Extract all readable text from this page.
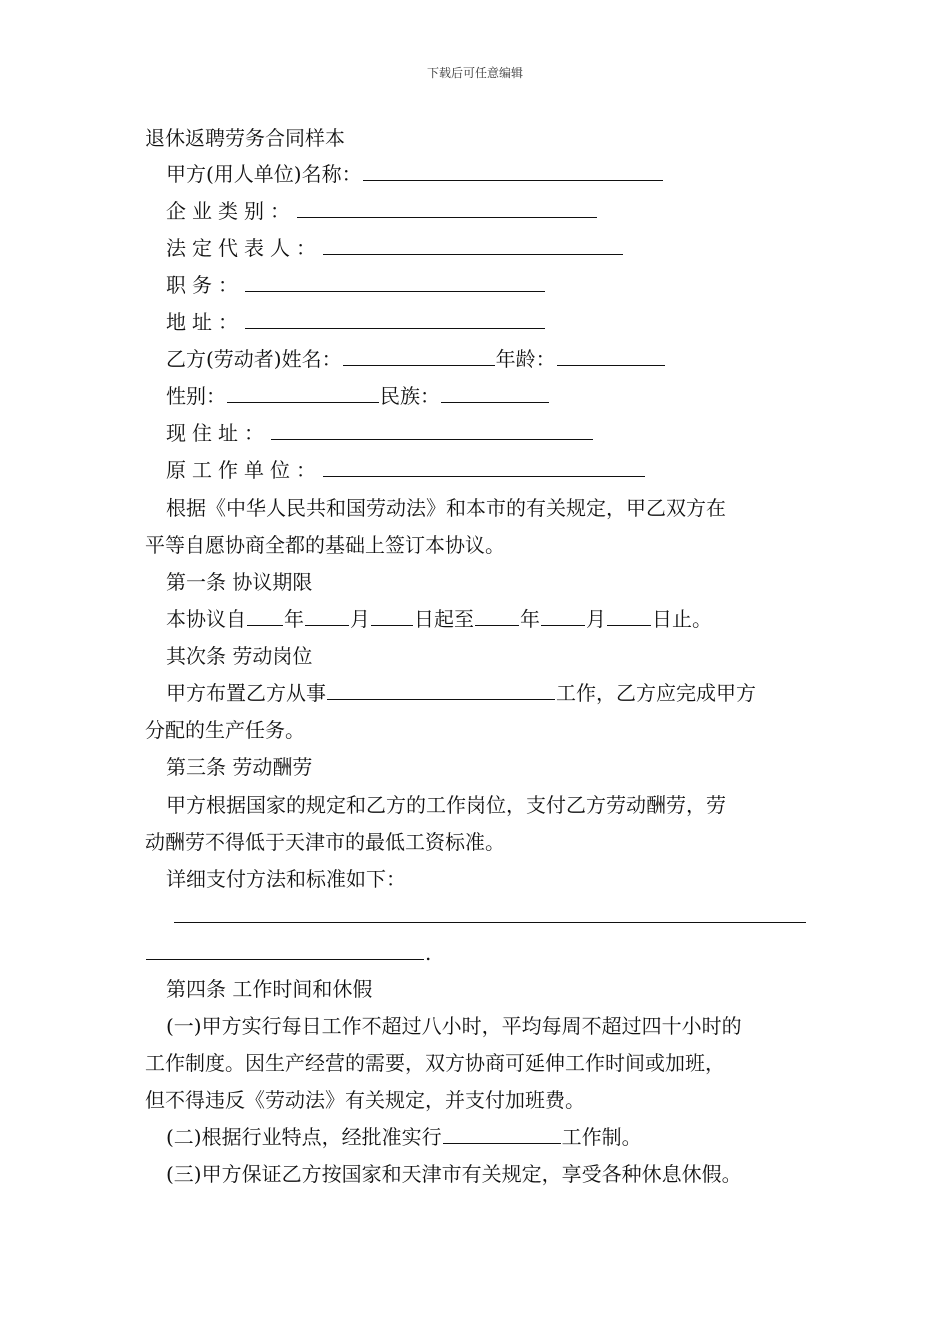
下载后可任意编辑
退休返聘劳务合同样本
甲方(用人单位)名称：
企业类别：
法定代表人：
职务：
地址：
乙方(劳动者)姓名：	年龄：
性别：	民族：
现住址：
原工作单位：
根据《中华人民共和国劳动法》和本市的有关规定，甲乙双方在
平等自愿协商全都的基础上签订本协议。
第一条 协议期限
本协议自 年 月 日起至 年 月 日止。
其次条 劳动岗位
甲方布置乙方从事	工作，乙方应完成甲方
分配的生产任务。
第三条 劳动酬劳
甲方根据国家的规定和乙方的工作岗位，支付乙方劳动酬劳，劳
动酬劳不得低于天津市的最低工资标准。
详细支付方法和标准如下：
.
第四条 工作时间和休假
(一)甲方实行每日工作不超过八小时，平均每周不超过四十小时的
工作制度。因生产经营的需要，双方协商可延伸工作时间或加班，
但不得违反《劳动法》有关规定，并支付加班费。
(二)根据行业特点，经批准实行	工作制。
(三)甲方保证乙方按国家和天津市有关规定，享受各种休息休假。
